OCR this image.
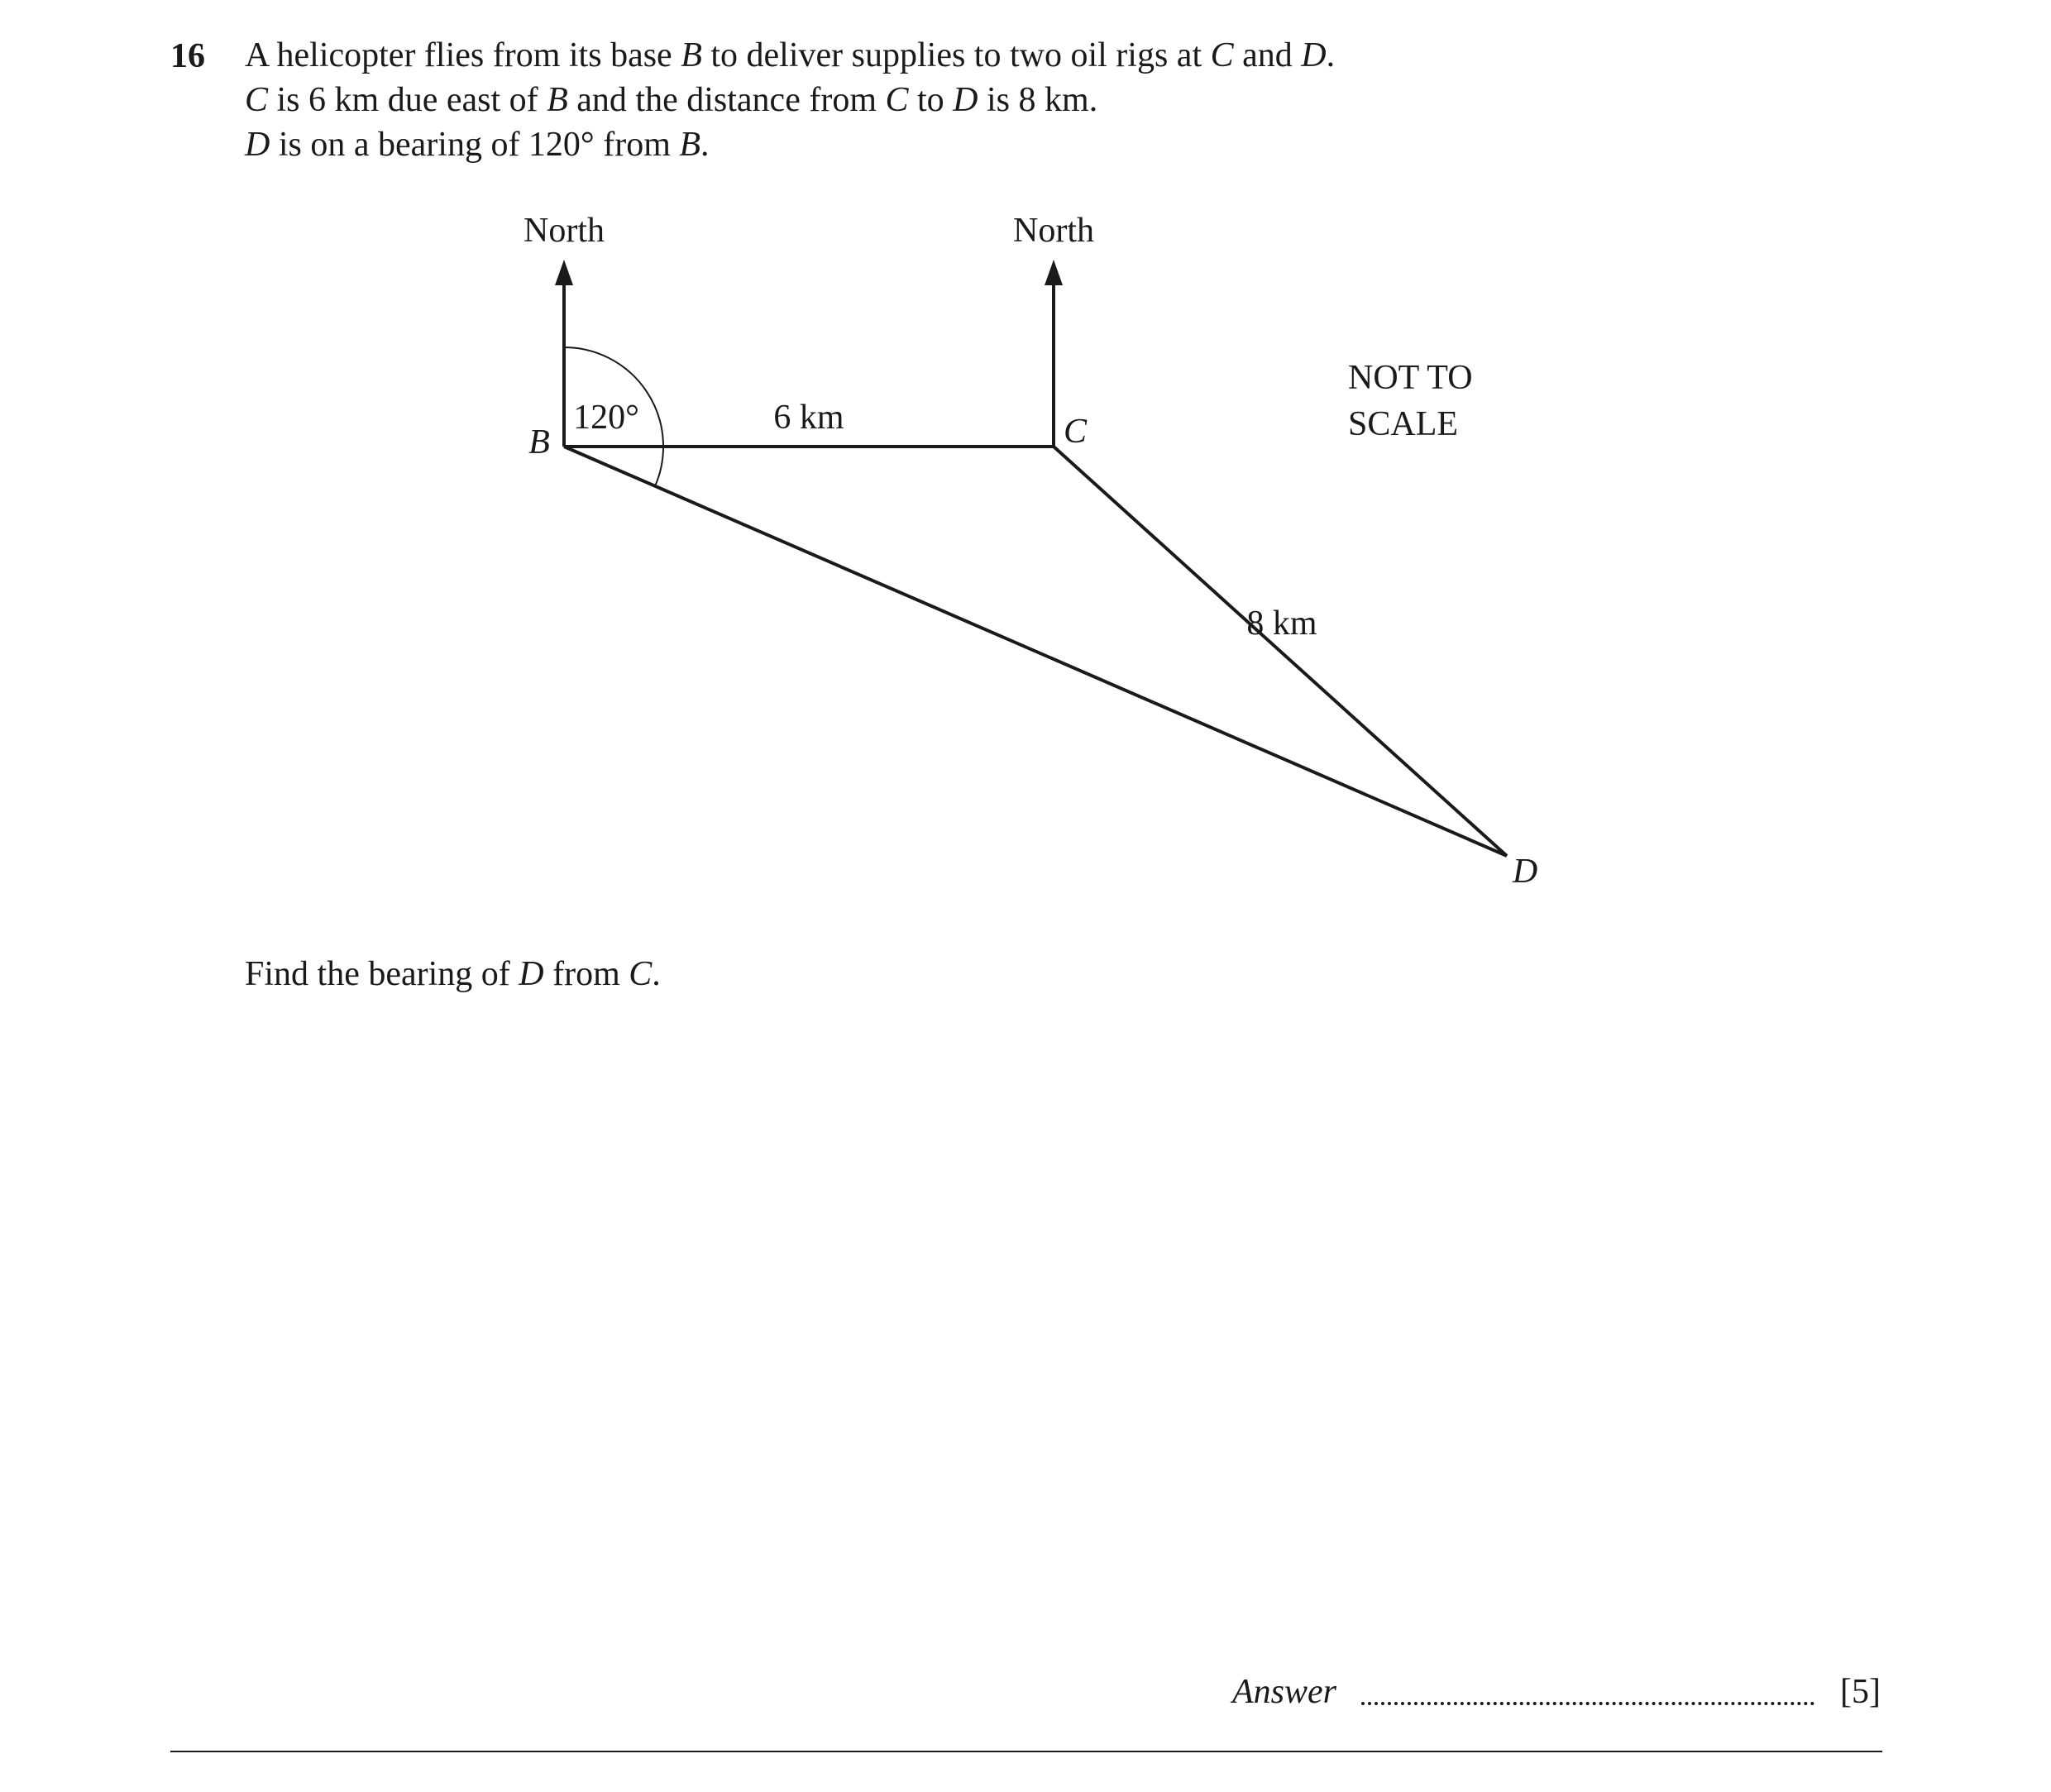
16 A helicopter flies from its base B to deliver supplies to two oil rigs at C and D.
C is 6 km due east of B and the distance from C to D is 8 km.
D is on a bearing of 120° from B.
North	North
120°	6 km
8 km
B	C
D
NOT TO
SCALE
Find the bearing of D from C.
Answer	[5]
